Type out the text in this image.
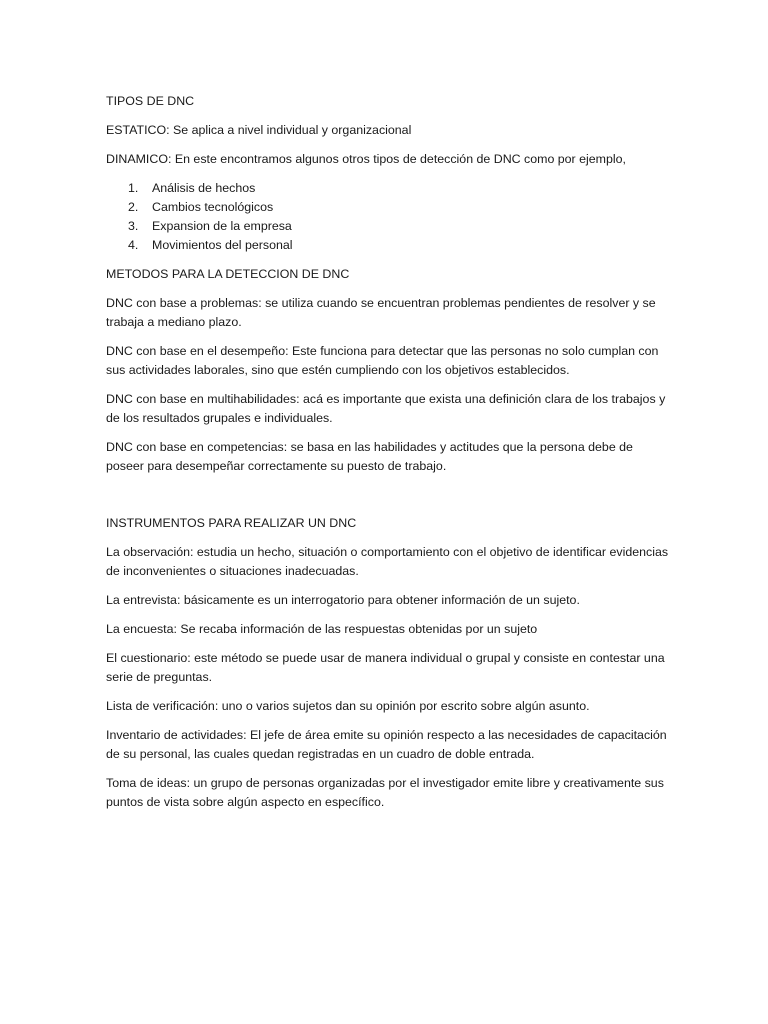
TIPOS DE DNC

ESTATICO: Se aplica a nivel individual y organizacional

DINAMICO: En este encontramos algunos otros tipos de detección de DNC como por ejemplo,

1.	Análisis de hechos
2.	Cambios tecnológicos
3.	Expansion de la empresa
4.	Movimientos del personal

METODOS PARA LA DETECCION DE DNC

DNC con base a problemas: se utiliza cuando se encuentran problemas pendientes de resolver y se trabaja a mediano plazo.

DNC con base en el desempeño: Este funciona para detectar que las personas no solo cumplan con sus actividades laborales, sino que estén cumpliendo con los objetivos establecidos.

DNC con base en multihabilidades: acá es importante que exista una definición clara de los trabajos y de los resultados grupales e individuales.

DNC con base en competencias: se basa en las habilidades y actitudes que la persona debe de poseer para desempeñar correctamente su puesto de trabajo.

INSTRUMENTOS PARA REALIZAR UN DNC

La observación: estudia un hecho, situación o comportamiento con el objetivo de identificar evidencias de inconvenientes o situaciones inadecuadas.

La entrevista: básicamente es un interrogatorio para obtener información de un sujeto.

La encuesta: Se recaba información de las respuestas obtenidas por un sujeto

El cuestionario: este método se puede usar de manera individual o grupal y consiste en contestar una serie de preguntas.

Lista de verificación: uno o varios sujetos dan su opinión por escrito sobre algún asunto.

Inventario de actividades: El jefe de área emite su opinión respecto a las necesidades de capacitación de su personal, las cuales quedan registradas en un cuadro de doble entrada.

Toma de ideas: un grupo de personas organizadas por el investigador emite libre y creativamente sus puntos de vista sobre algún aspecto en específico.
